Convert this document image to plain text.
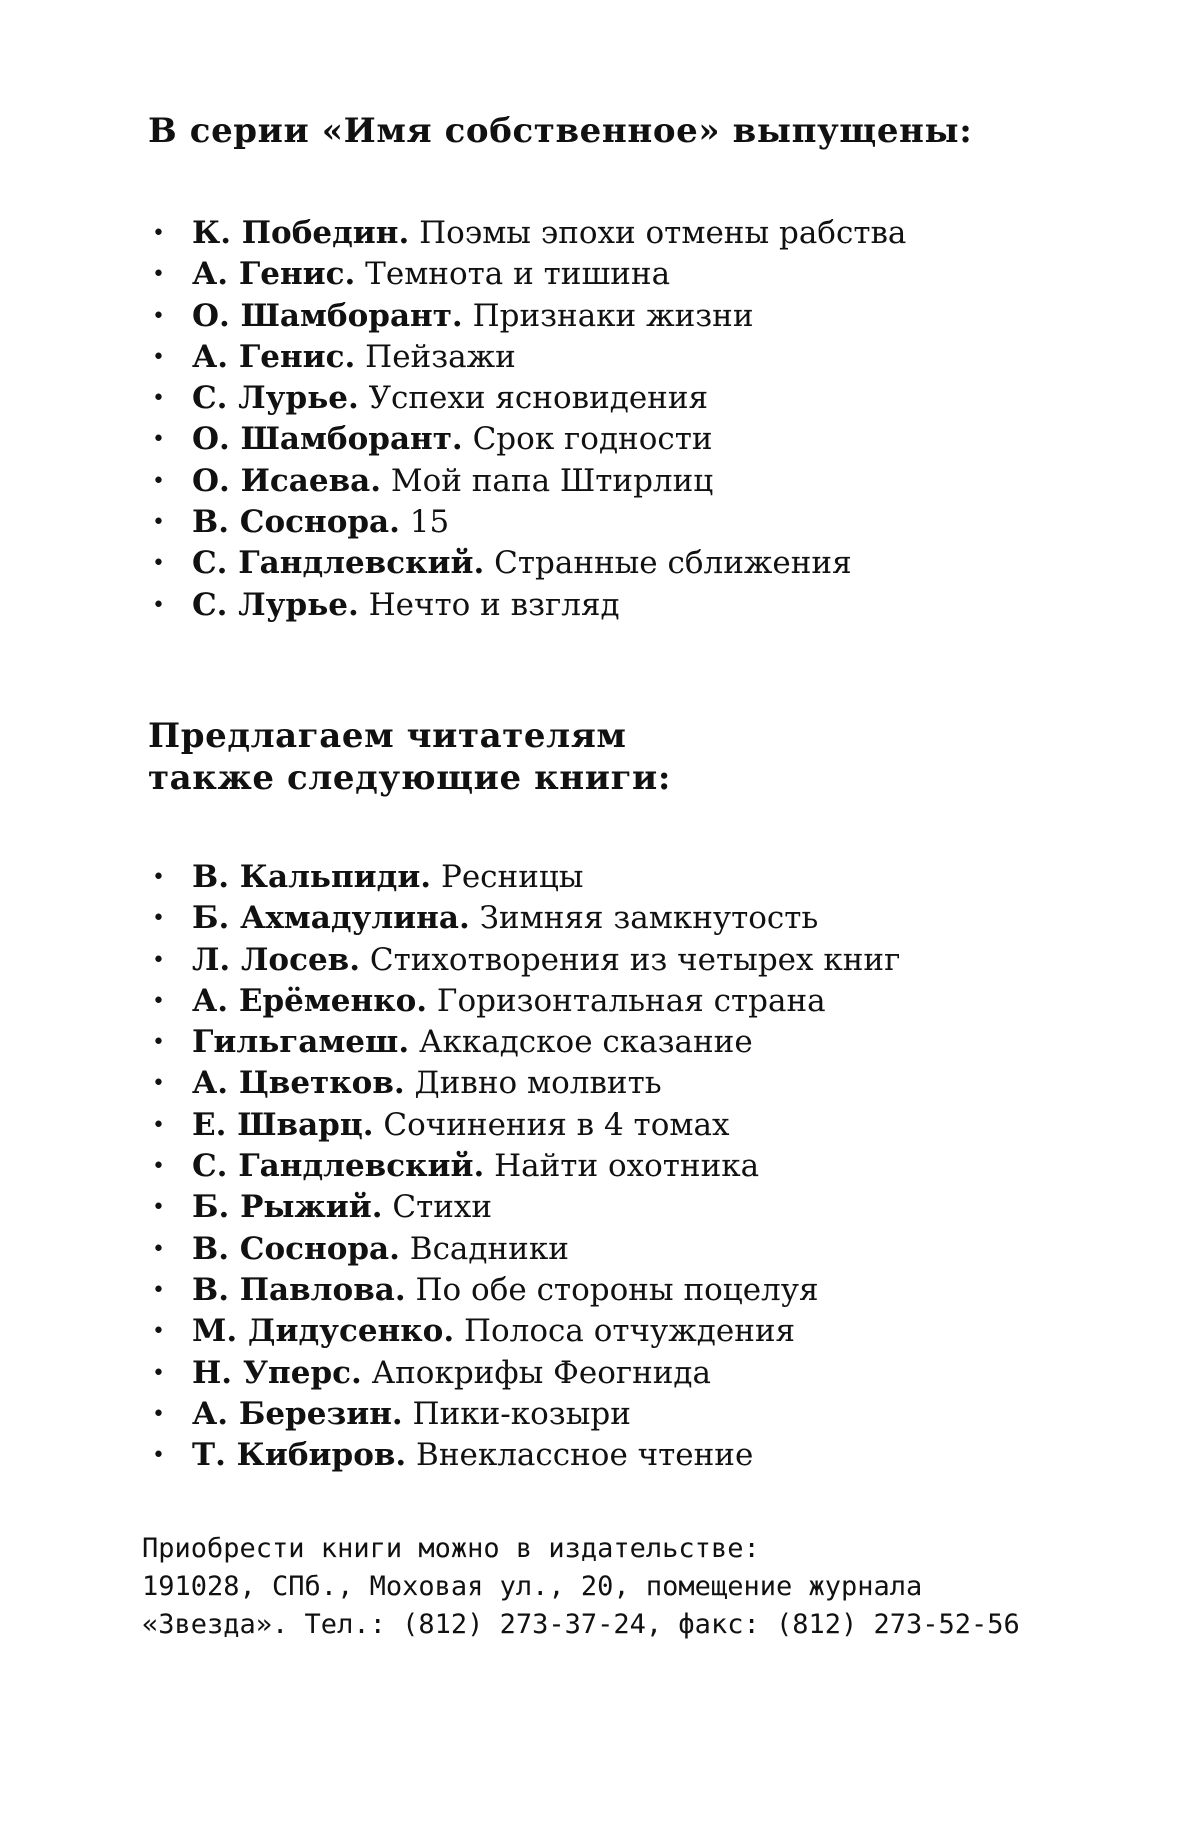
В серии «Имя собственное» выпущены:
• К. Победин. Поэмы эпохи отмены рабства
• А. Генис. Темнота и тишина
• О. Шамборант. Признаки жизни
• А. Генис. Пейзажи
• С. Лурье. Успехи ясновидения
• О. Шамборант. Срок годности
• О. Исаева. Мой папа Штирлиц
• В. Соснора. 15
• С. Гандлевский. Странные сближения
• С. Лурье. Нечто и взгляд
Предлагаем читателям
также следующие книги:
• В. Кальпиди. Ресницы
• Б. Ахмадулина. Зимняя замкнутость
• Л. Лосев. Стихотворения из четырех книг
• А. Ерёменко. Горизонтальная страна
• Гильгамеш. Аккадское сказание
• А. Цветков. Дивно молвить
• Е. Шварц. Сочинения в 4 томах
• С. Гандлевский. Найти охотника
• Б. Рыжий. Стихи
• В. Соснора. Всадники
• В. Павлова. По обе стороны поцелуя
• М. Дидусенко. Полоса отчуждения
• Н. Уперс. Апокрифы Феогнида
• А. Березин. Пики-козыри
• Т. Кибиров. Внеклассное чтение

Приобрести книги можно в издательстве:
191028, СПб., Моховая ул., 20, помещение журнала
«Звезда». Тел.: (812) 273-37-24, факс: (812) 273-52-56
